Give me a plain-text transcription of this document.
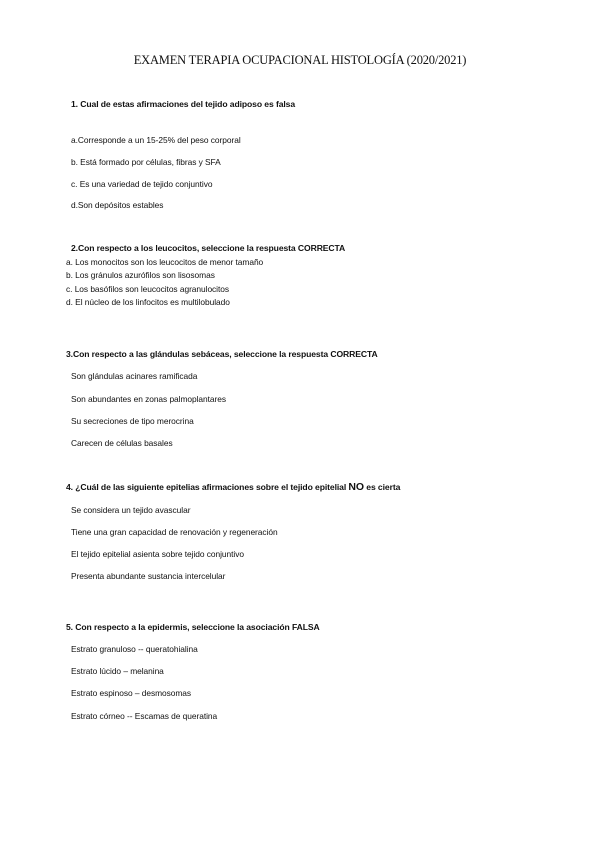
EXAMEN TERAPIA OCUPACIONAL HISTOLOGÍA (2020/2021)
1. Cual de estas afirmaciones del tejido adiposo es falsa
a.Corresponde a un 15-25% del peso corporal
b. Está formado por células, fibras y SFA
c. Es una variedad de tejido conjuntivo
d.Son depósitos estables
2.Con respecto a los leucocitos, seleccione la respuesta CORRECTA
a. Los monocitos son los leucocitos de menor tamaño
b. Los gránulos azurófilos son lisosomas
c. Los basófilos son leucocitos agranulocitos
d. El núcleo de los linfocitos es multilobulado
3.Con respecto a las glándulas sebáceas, seleccione la respuesta CORRECTA
Son glándulas acinares ramificada
Son abundantes en zonas palmoplantares
Su secreciones de tipo merocrina
Carecen de células basales
4. ¿Cuál de las siguiente epitelias afirmaciones sobre el tejido epitelial NO es cierta
Se considera un tejido avascular
Tiene una gran capacidad de renovación y regeneración
El tejido epitelial asienta sobre tejido conjuntivo
Presenta abundante sustancia intercelular
5. Con respecto a la epidermis, seleccione la asociación FALSA
Estrato granuloso -- queratohialina
Estrato lúcido – melanina
Estrato espinoso – desmosomas
Estrato córneo -- Escamas de queratina
